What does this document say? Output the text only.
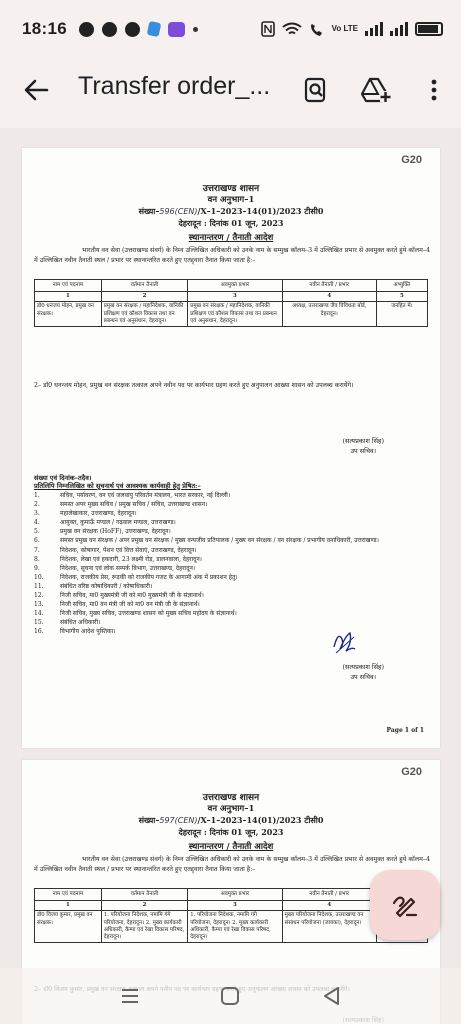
18:16	Vo LTE
Transfer order_...
G20
उत्तराखण्ड शासन
वन अनुभाग–1
संख्या–596(CEN)/X–1–2023–14(01)/2023 टीसी0
देहरादून : दिनांक 01 जून, 2023
स्थानान्तरण / तैनाती आदेश
भारतीय वन सेवा (उत्तराखण्ड संवर्ग) के निम्न उल्लिखित अधिकारी को उनके नाम के सम्मुख कॉलम–3 में उल्लिखित प्रभार से अवमुक्त करते हुये कॉलम–4 में उल्लिखित नवीन तैनाती स्थल / प्रभार पर स्थानान्तरित करते हुए एतद्द्वारा तैनात किया जाता है:–
नाम एवं पदनाम	वर्तमान तैनाती	अवमुक्त प्रभार	नवीन तैनाती / प्रभार	अभ्युक्ति
1	2	3	4	5
डॉ0 धनंजय मोहन, प्रमुख वन संरक्षक।	प्रमुख वन संरक्षक / महानिदेशक, वानिकी प्रशिक्षण एवं कौशल विकास तथा वन प्रबन्धन एवं अनुसंधान, देहरादून।	प्रमुख वन संरक्षक / महानिदेशक, वानिकी प्रशिक्षण एवं कौशल विकास तथा वन प्रबन्धन एवं अनुसंधान, देहरादून।	अध्यक्ष, उत्तराखण्ड जैव विविधता बोर्ड, देहरादून।	जनहित में।
2– डॉ0 धनन्जय मोहन, प्रमुख वन संरक्षक तत्काल अपने नवीन पद पर कार्यभार ग्रहण करते हुए अनुपालन आख्या शासन को उपलब्ध करायेंगे।
(सत्यप्रकाश सिंह)
उप सचिव।
संख्या एवं दिनांक–तदैव।
प्रतिलिपि निम्नलिखित को सूचनार्थ एवं आवश्यक कार्यवाही हेतु प्रेषित:–
1.	सचिव, पर्यावरण, वन एवं जलवायु परिवर्तन मंत्रालय, भारत सरकार, नई दिल्ली।
2.	समस्त अपर मुख्य सचिव / प्रमुख सचिव / सचिव, उत्तराखण्ड शासन।
3.	महालेखाकार, उत्तराखण्ड, देहरादून।
4.	आयुक्त, कुमाऊँ मण्डल / गढ़वाल मण्डल, उत्तराखण्ड।
5.	प्रमुख वन संरक्षक (HoFF), उत्तराखण्ड, देहरादून।
6.	समस्त प्रमुख वन संरक्षक / अपर प्रमुख वन संरक्षक / मुख्य वन्यजीव प्रतिपालक / मुख्य वन संरक्षक / वन संरक्षक / प्रभागीय वनाधिकारी, उत्तराखण्ड।
7.	निदेशक, कोषागार, पेंशन एवं वित्त सेवाएं, उत्तराखण्ड, देहरादून।
8.	निदेशक, लेखा एवं हकदारी, 23 लक्ष्मी रोड़, डालनवाला, देहरादून।
9.	निदेशक, सूचना एवं लोक सम्पर्क विभाग, उत्तराखण्ड, देहरादून।
10.	निदेशक, राजकीय प्रेस, रूड़की को राजकीय गजट के आगामी अंक में प्रकाशन हेतु।
11.	संबंधित वरिष्ठ कोषाधिकारी / कोषाधिकारी।
12.	निजी सचिव, मा0 मुख्यमंत्री जी को मा0 मुख्यमंत्री जी के संज्ञानार्थ।
13.	निजी सचिव, मा0 वन मंत्री जी को मा0 वन मंत्री जी के संज्ञानार्थ।
14.	निजी सचिव, मुख्य सचिव, उत्तराखण्ड शासन को मुख्य सचिव महोदय के संज्ञानार्थ।
15.	संबंधित अधिकारी।
16.	विभागीय आदेश पुस्तिका।
(सत्यप्रकाश सिंह)
उप सचिव।
Page 1 of 1
G20
उत्तराखण्ड शासन
वन अनुभाग–1
संख्या–597(CEN)/X–1–2023–14(01)/2023 टीसी0
देहरादून : दिनांक 01 जून, 2023
स्थानान्तरण / तैनाती आदेश
भारतीय वन सेवा (उत्तराखण्ड संवर्ग) के निम्न उल्लिखित अधिकारी को उनके नाम के सम्मुख कॉलम–3 में उल्लिखित प्रभार से अवमुक्त करते हुये कॉलम–4 में उल्लिखित नवीन तैनाती स्थल / प्रभार पर स्थानान्तरित करते हुए एतद्द्वारा तैनात किया जाता है:–
नाम एवं पदनाम	वर्तमान तैनाती	अवमुक्त प्रभार	नवीन तैनाती / प्रभार	
1	2	3	4	
डॉ0 विजय कुमार, प्रमुख वन संरक्षक।	1. परियोजना निदेशक, नमामि गंगे परियोजना, देहरादून। 2. मुख्य कार्यकारी अधिकारी, कैम्पा एवं रेखा विकास परिषद, देहरादून।	1. परियोजना निदेशक, नमामि गंगे परियोजना, देहरादून। 2. मुख्य कार्यकारी अधिकारी, कैम्पा एवं रेखा विकास परिषद, देहरादून।	मुख्य परियोजना निदेशक, उत्तराखण्ड वन संसाधन परियोजना (जायका), देहरादून।	
